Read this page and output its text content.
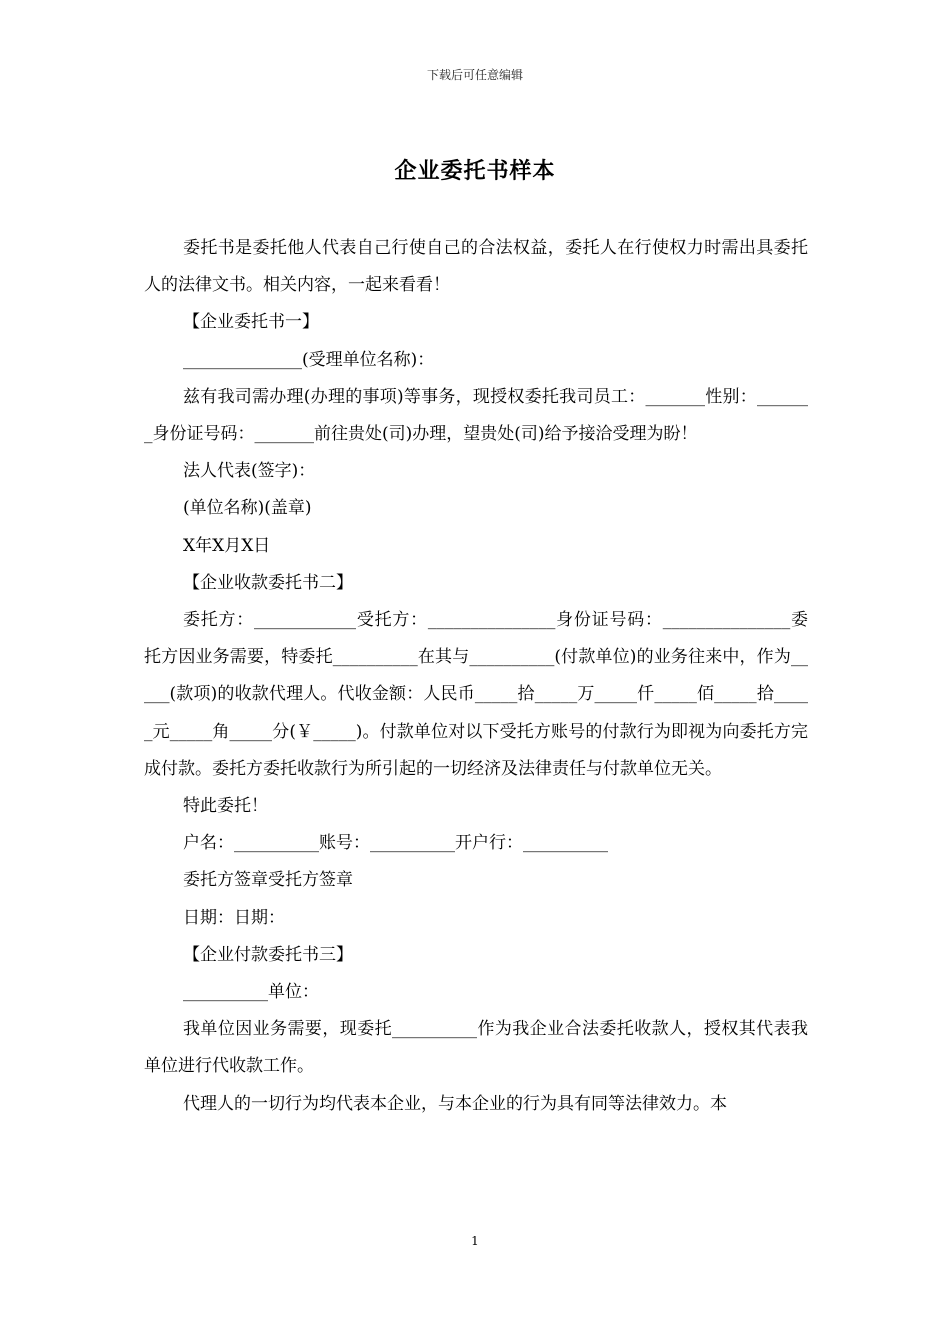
下载后可任意编辑
企业委托书样本

委托书是委托他人代表自己行使自己的合法权益，委托人在行使权力时需出具委托人的法律文书。相关内容，一起来看看！

【企业委托书一】

______________(受理单位名称)：

兹有我司需办理(办理的事项)等事务，现授权委托我司员工：_______性别：_______身份证号码：_______前往贵处(司)办理，望贵处(司)给予接洽受理为盼！

法人代表(签字)：

(单位名称)(盖章)

X年X月X日

【企业收款委托书二】

委托方：____________受托方：_______________身份证号码：_______________委托方因业务需要，特委托__________在其与__________(付款单位)的业务往来中，作为_____(款项)的收款代理人。代收金额：人民币_____拾_____万_____仟_____佰_____拾_____元_____角_____分(￥_____)。付款单位对以下受托方账号的付款行为即视为向委托方完成付款。委托方委托收款行为所引起的一切经济及法律责任与付款单位无关。

特此委托！

户名：__________账号：__________开户行：__________

委托方签章受托方签章

日期：日期：

【企业付款委托书三】

__________单位：

我单位因业务需要，现委托__________作为我企业合法委托收款人，授权其代表我单位进行代收款工作。

代理人的一切行为均代表本企业，与本企业的行为具有同等法律效力。本

1
